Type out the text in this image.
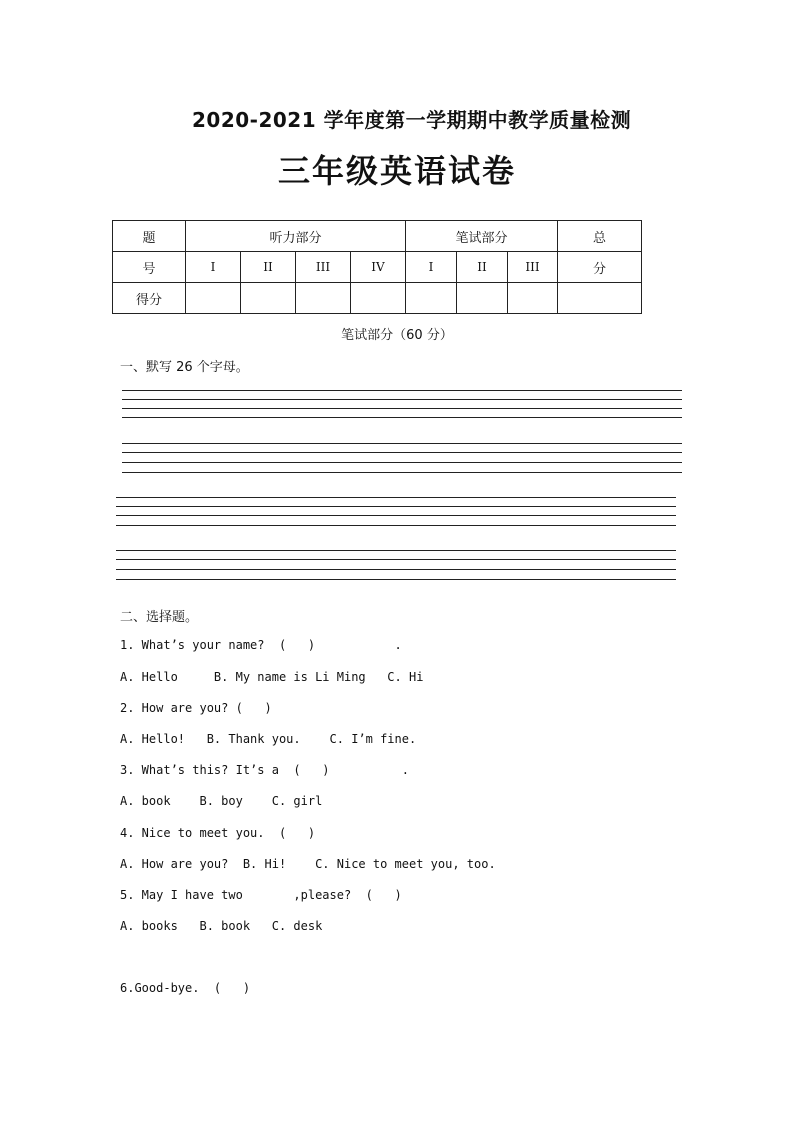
2020-2021 学年度第一学期期中教学质量检测
三年级英语试卷
题	听力部分				笔试部分			总
号	I	II	III	IV	I	II	III	分
得分								
笔试部分（60 分）
一、默写 26 个字母。
二、选择题。
1. What’s your name?  (   )           .
A. Hello     B. My name is Li Ming   C. Hi
2. How are you? (   )
A. Hello!   B. Thank you.    C. I’m fine.
3. What’s this? It’s a  (   )          .
A. book    B. boy    C. girl
4. Nice to meet you.  (   )
A. How are you?  B. Hi!    C. Nice to meet you, too.
5. May I have two       ,please?  (   )
A. books   B. book   C. desk
6.Good-bye.  (   )
